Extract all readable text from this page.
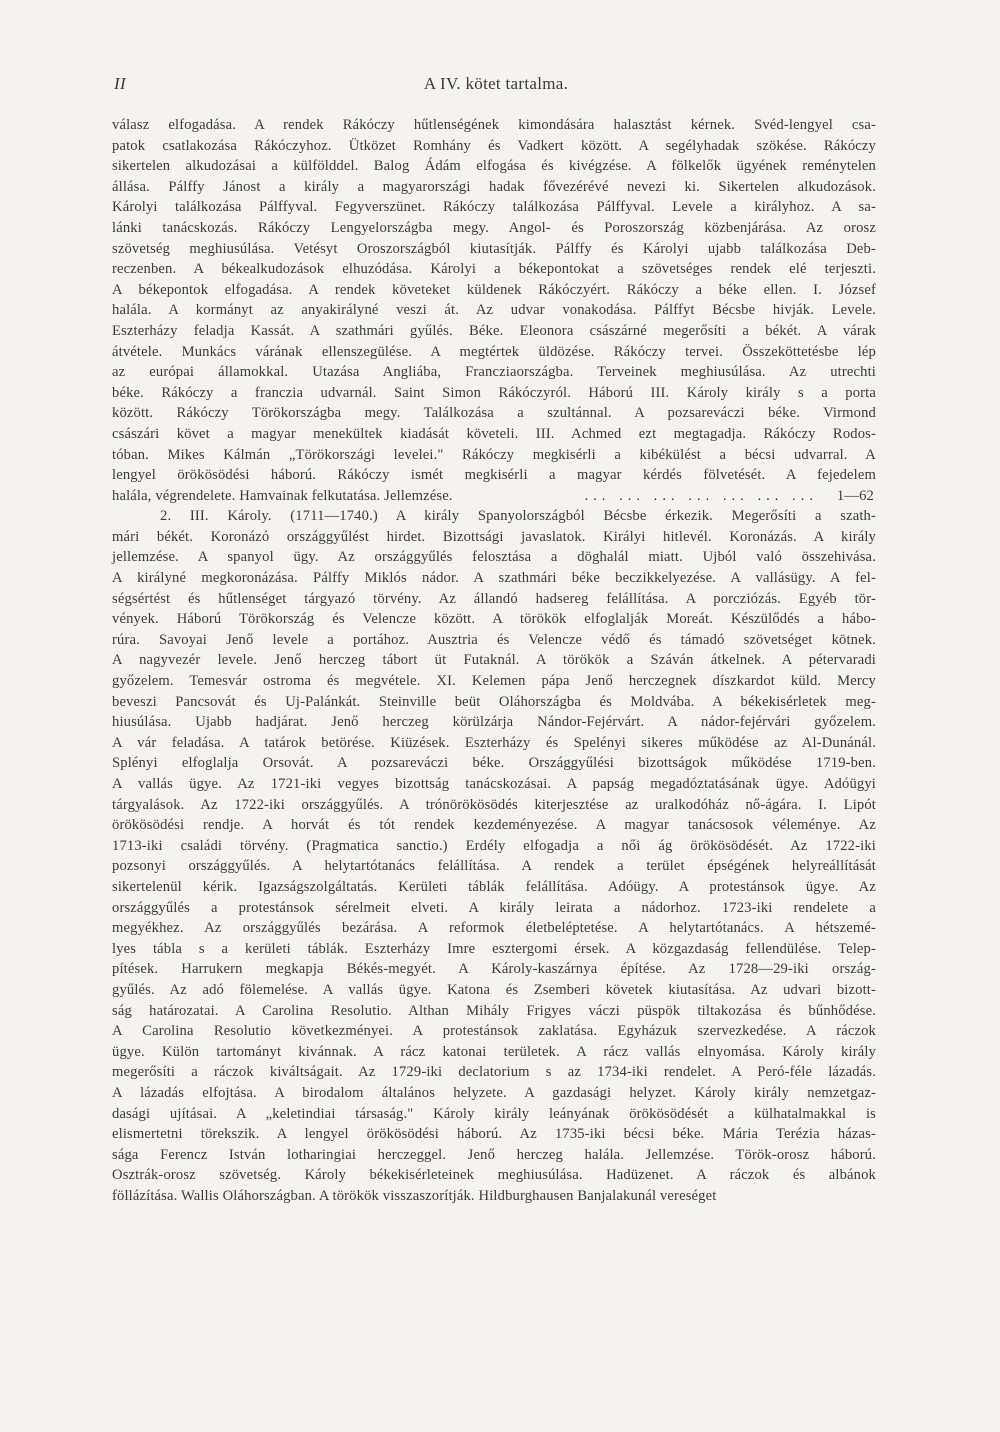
II	A IV. kötet tartalma.
válasz elfogadása. A rendek Rákóczy hűtlenségének kimondására halasztást kérnek. Svéd-lengyel csa-
patok csatlakozása Rákóczyhoz. Ütközet Romhány és Vadkert között. A segélyhadak szökése. Rákóczy
sikertelen alkudozásai a külfölddel. Balog Ádám elfogása és kivégzése. A fölkelők ügyének reménytelen
állása. Pálffy Jánost a király a magyarországi hadak fővezérévé nevezi ki. Sikertelen alkudozások.
Károlyi találkozása Pálffyval. Fegyverszünet. Rákóczy találkozása Pálffyval. Levele a királyhoz. A sa-
lánki tanácskozás. Rákóczy Lengyelországba megy. Angol- és Poroszország közbenjárása. Az orosz
szövetség meghiusúlása. Vetésyt Oroszországból kiutasítják. Pálffy és Károlyi ujabb találkozása Deb-
reczenben. A békealkudozások elhuzódása. Károlyi a békepontokat a szövetséges rendek elé terjeszti.
A békepontok elfogadása. A rendek követeket küldenek Rákóczyért. Rákóczy a béke ellen. I. József
halála. A kormányt az anyakirályné veszi át. Az udvar vonakodása. Pálffyt Bécsbe hivják. Levele.
Eszterházy feladja Kassát. A szathmári gyűlés. Béke. Eleonora császárné megerősíti a békét. A várak
átvétele. Munkács várának ellenszegülése. A megtértek üldözése. Rákóczy tervei. Összeköttetésbe lép
az európai államokkal. Utazása Angliába, Francziaországba. Terveinek meghiusúlása. Az utrechti
béke. Rákóczy a franczia udvarnál. Saint Simon Rákóczyról. Háború III. Károly király s a porta
között. Rákóczy Törökországba megy. Találkozása a szultánnal. A pozsareváczi béke. Virmond
császári követ a magyar menekültek kiadását követeli. III. Achmed ezt megtagadja. Rákóczy Rodos-
tóban. Mikes Kálmán „Törökországi levelei." Rákóczy megkisérli a kibékülést a bécsi udvarral. A
lengyel örökösödési háború. Rákóczy ismét megkisérli a magyar kérdés fölvetését. A fejedelem
halála, végrendelete. Hamvainak felkutatása. Jellemzése.	... ... ... ... ... ... ... 1—62
2. III. Károly. (1711—1740.) A király Spanyolországból Bécsbe érkezik. Megerősíti a szath-
mári békét. Koronázó országgyűlést hirdet. Bizottsági javaslatok. Királyi hitlevél. Koronázás. A király
jellemzése. A spanyol ügy. Az országgyűlés felosztása a döghalál miatt. Ujból való összehivása.
A királyné megkoronázása. Pálffy Miklós nádor. A szathmári béke beczikkelyezése. A vallásügy. A fel-
ségsértést és hűtlenséget tárgyazó törvény. Az állandó hadsereg felállítása. A porcziózás. Egyéb tör-
vények. Háború Törökország és Velencze között. A törökök elfoglalják Moreát. Készülődés a hábo-
rúra. Savoyai Jenő levele a portához. Ausztria és Velencze védő és támadó szövetséget kötnek.
A nagyvezér levele. Jenő herczeg tábort üt Futaknál. A törökök a Száván átkelnek. A pétervaradi
győzelem. Temesvár ostroma és megvétele. XI. Kelemen pápa Jenő herczegnek díszkardot küld. Mercy
beveszi Pancsovát és Uj-Palánkát. Steinville beüt Oláhországba és Moldvába. A békekisérletek meg-
hiusúlása. Ujabb hadjárat. Jenő herczeg körülzárja Nándor-Fejérvárt. A nádor-fejérvári győzelem.
A vár feladása. A tatárok betörése. Kiüzések. Eszterházy és Spelényi sikeres működése az Al-Dunánál.
Splényi elfoglalja Orsovát. A pozsareváczi béke. Országgyűlési bizottságok működése 1719-ben.
A vallás ügye. Az 1721-iki vegyes bizottság tanácskozásai. A papság megadóztatásának ügye. Adóügyi
tárgyalások. Az 1722-iki országgyűlés. A trónörökösödés kiterjesztése az uralkodóház nő-ágára. I. Lipót
örökösödési rendje. A horvát és tót rendek kezdeményezése. A magyar tanácsosok véleménye. Az
1713-iki családi törvény. (Pragmatica sanctio.) Erdély elfogadja a női ág örökösödését. Az 1722-iki
pozsonyi országgyűlés. A helytartótanács felállítása. A rendek a terület épségének helyreállítását
sikertelenül kérik. Igazságszolgáltatás. Kerületi táblák felállítása. Adóügy. A protestánsok ügye. Az
országgyűlés a protestánsok sérelmeit elveti. A király leirata a nádorhoz. 1723-iki rendelete a
megyékhez. Az országgyűlés bezárása. A reformok életbeléptetése. A helytartótanács. A hétszemé-
lyes tábla s a kerületi táblák. Eszterházy Imre esztergomi érsek. A közgazdaság fellendülése. Telep-
pítések. Harrukern megkapja Békés-megyét. A Károly-kaszárnya építése. Az 1728—29-iki ország-
gyűlés. Az adó fölemelése. A vallás ügye. Katona és Zsemberi követek kiutasítása. Az udvari bizott-
ság határozatai. A Carolina Resolutio. Althan Mihály Frigyes váczi püspök tiltakozása és bűnhődése.
A Carolina Resolutio következményei. A protestánsok zaklatása. Egyházuk szervezkedése. A ráczok
ügye. Külön tartományt kivánnak. A rácz katonai területek. A rácz vallás elnyomása. Károly király
megerősíti a ráczok kiváltságait. Az 1729-iki declatorium s az 1734-iki rendelet. A Peró-féle lázadás.
A lázadás elfojtása. A birodalom általános helyzete. A gazdasági helyzet. Károly király nemzetgaz-
dasági ujításai. A „keletindiai társaság." Károly király leányának örökösödését a külhatalmakkal is
elismertetni törekszik. A lengyel örökösödési háború. Az 1735-iki bécsi béke. Mária Terézia házas-
sága Ferencz István lotharingiai herczeggel. Jenő herczeg halála. Jellemzése. Török-orosz háború.
Osztrák-orosz szövetség. Károly békekisérleteinek meghiusúlása. Hadüzenet. A ráczok és albánok
föllázítása. Wallis Oláhországban. A törökök visszaszorítják. Hildburghausen Banjalakunál vereséget
